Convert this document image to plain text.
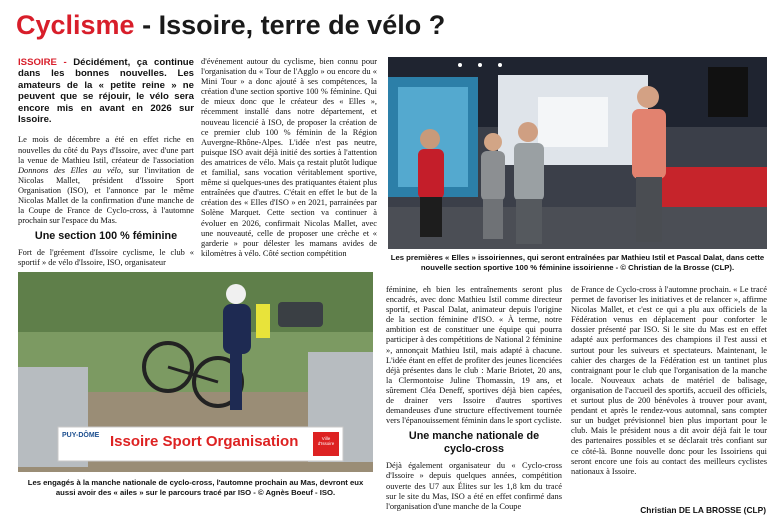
Cyclisme - Issoire, terre de vélo ?

ISSOIRE - Décidément, ça continue dans les bonnes nouvelles. Les amateurs de la « petite reine » ne peuvent que se réjouir, le vélo sera encore mis en avant en 2026 sur Issoire.

Le mois de décembre a été en effet riche en nouvelles du côté du Pays d'Issoire, avec d'une part la venue de Mathieu Istil, créateur de l'association Donnons des Elles au vélo, sur l'invitation de Nicolas Mallet, président d'Issoire Sport Organisation (ISO), et l'annonce par le même Nicolas Mallet de la confirmation d'une manche de la Coupe de France de Cyclo-cross, à l'automne prochain sur l'espace du Mas.

Une section 100 % féminine

Fort de l'gréement d'Issoire cyclisme, le club « sportif » de vélo d'Issoire, ISO, organisateur

d'événement autour du cyclisme, bien connu pour l'organisation du « Tour de l'Agglo » ou encore du « Mini Tour » a donc ajouté à ses compétences, la création d'une section sportive 100 % féminine. Qui de mieux donc que le créateur des « Elles », récemment installé dans notre département, et nouveau licencié à ISO, de proposer la création de ce premier club 100 % féminin de la Région Auvergne-Rhône-Alpes. L'idée n'est pas neutre, puisque ISO avait déjà initié des sorties à l'attention des amatrices de vélo. Mais ça restait plutôt ludique et familial, sans vocation véritablement sportive, même si quelques-unes des pratiquantes étaient plus entraînées que d'autres. C'était en effet le but de la création des « Elles d'ISO » en 2021, parrainées par Solène Marquet. Cette section va continuer à évoluer en 2026, confirmait Nicolas Mallet, avec une nouveauté, celle de proposer une crèche et « garderie » pour délester les mamans avides de kilomètres à vélo. Côté section compétition	Les premières « Elles » issoiriennes, qui seront entraînées par Mathieu Istil et Pascal Dalat, dans cette nouvelle section sportive 100 % féminine issoirienne - © Christian de la Brosse (CLP).
PUY-DÔME Issoire Sport Organisation	Ville d'Issoire
Les engagés à la manche nationale de cyclo-cross, l'automne prochain au Mas, devront eux aussi avoir des « ailes » sur le parcours tracé par ISO - © Agnès Boeuf - ISO.

féminine, eh bien les entraînements seront plus encadrés, avec donc Mathieu Istil comme directeur sportif, et Pascal Dalat, animateur depuis l'origine de la section féminine d'ISO. « À terme, notre ambition est de constituer une équipe qui pourra participer à des compétitions de National 2 féminine », annonçait Mathieu Istil, mais adapté à chacune. L'idée étant en effet de profiter des jeunes licenciées déjà présentes dans le club : Marie Briotet, 20 ans, la Clermontoise Juline Thomassin, 19 ans, et sûrement Cléa Deneff, sportives déjà bien capées, de drainer vers Issoire d'autres sportives demandeuses d'une structure effectivement tournée vers l'épanouissement féminin dans le sport cycliste.

Une manche nationale de cyclo-cross

Déjà également organisateur du « Cyclo-cross d'Issoire » depuis quelques années, compétition ouverte des U7 aux Élites sur les 1,8 km du tracé sur le site du Mas, ISO a été en effet confirmé dans l'organisation d'une manche de la Coupe

de France de Cyclo-cross à l'automne prochain. « Le tracé permet de favoriser les initiatives et de relancer », affirme Nicolas Mallet, et c'est ce qui a plu aux officiels de la Fédération venus en déplacement pour conforter le dossier présenté par ISO. Si le site du Mas est en effet adapté aux performances des champions il l'est aussi et surtout pour les suiveurs et spectateurs. Maintenant, le cahier des charges de la Fédération est un tantinet plus contraignant pour le club que l'organisation de la manche locale. Nouveaux achats de matériel de balisage, organisation de l'accueil des sportifs, accueil des officiels, et surtout plus de 200 bénévoles à trouver pour avant, pendant et après le rendez-vous automnal, sans compter sur un budget prévisionnel bien plus important pour le club. Mais le président nous a dit avoir déjà fait le tour des partenaires possibles et se déclarait très confiant sur ce côté-là. Bonne nouvelle donc pour les Issoiriens qui seront encore une fois au contact des meilleurs cyclistes nationaux à Issoire.

Christian DE LA BROSSE (CLP)
